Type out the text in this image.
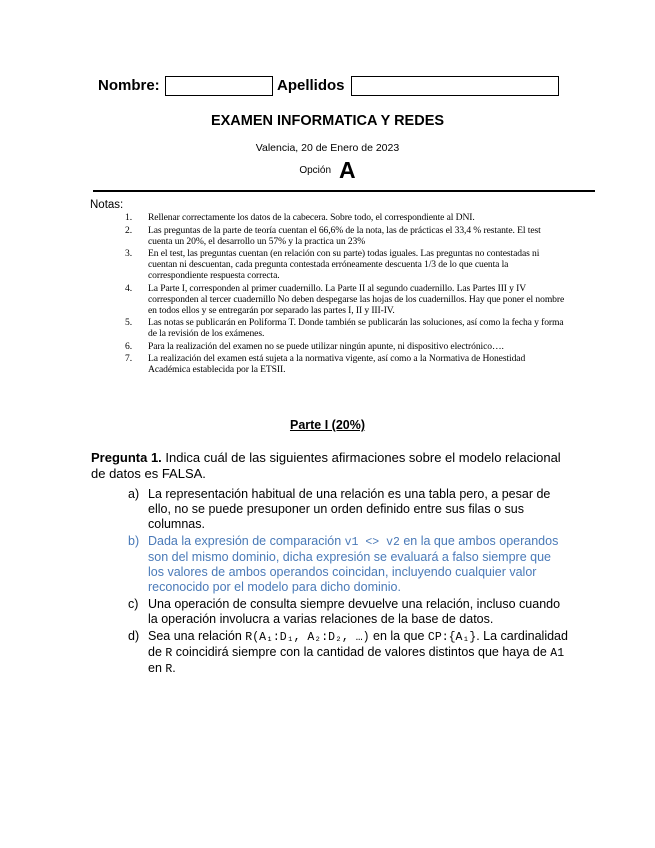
Nombre:	Apellidos
EXAMEN INFORMATICA Y REDES
Valencia, 20 de Enero de 2023
Opción A
Notas:
1. Rellenar correctamente los datos de la cabecera. Sobre todo, el correspondiente al DNI.
2. Las preguntas de la parte de teoría cuentan el 66,6% de la nota, las de prácticas el 33,4 % restante. El test cuenta un 20%, el desarrollo un 57% y la practica un 23%
3. En el test, las preguntas cuentan (en relación con su parte) todas iguales. Las preguntas no contestadas ni cuentan ni descuentan, cada pregunta contestada erróneamente descuenta 1/3 de lo que cuenta la correspondiente respuesta correcta.
4. La Parte I, corresponden al primer cuadernillo. La Parte II al segundo cuadernillo. Las Partes III y IV corresponden al tercer cuadernillo No deben despegarse las hojas de los cuadernillos. Hay que poner el nombre en todos ellos y se entregarán por separado las partes I, II y III-IV.
5. Las notas se publicarán en Poliforma T. Donde también se publicarán las soluciones, así como la fecha y forma de la revisión de los exámenes.
6. Para la realización del examen no se puede utilizar ningún apunte, ni dispositivo electrónico….
7. La realización del examen está sujeta a la normativa vigente, así como a la Normativa de Honestidad Académica establecida por la ETSII.
Parte I (20%)
Pregunta 1. Indica cuál de las siguientes afirmaciones sobre el modelo relacional de datos es FALSA.
a) La representación habitual de una relación es una tabla pero, a pesar de ello, no se puede presuponer un orden definido entre sus filas o sus columnas.
b) Dada la expresión de comparación v1 <> v2 en la que ambos operandos son del mismo dominio, dicha expresión se evaluará a falso siempre que los valores de ambos operandos coincidan, incluyendo cualquier valor reconocido por el modelo para dicho dominio.
c) Una operación de consulta siempre devuelve una relación, incluso cuando la operación involucra a varias relaciones de la base de datos.
d) Sea una relación R(A₁:D₁, A₂:D₂, …) en la que CP:{A₁}. La cardinalidad de R coincidirá siempre con la cantidad de valores distintos que haya de A1 en R.
